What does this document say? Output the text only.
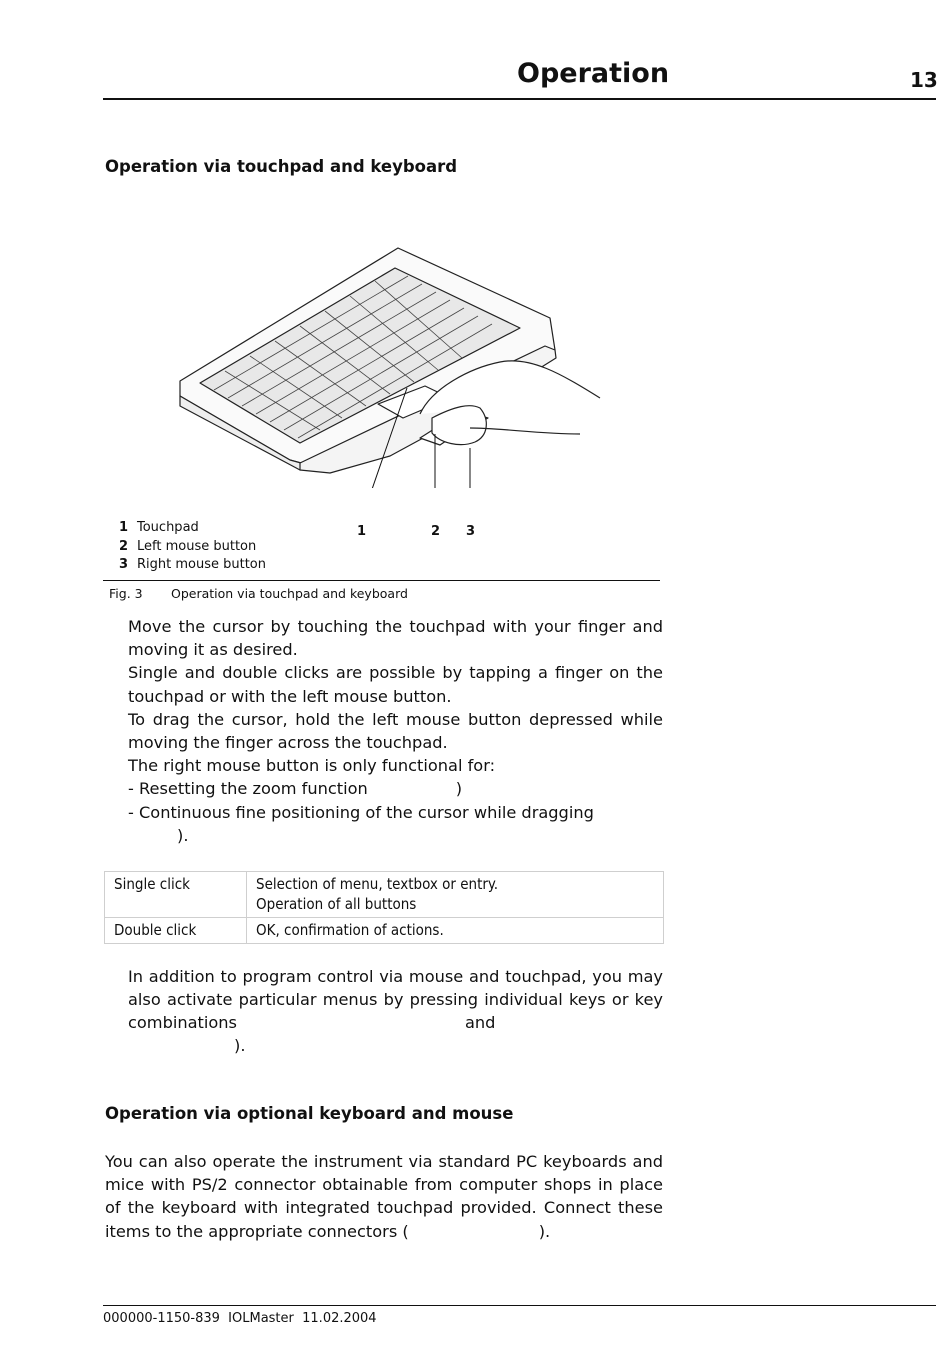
Operation	13
Operation via touchpad and keyboard
1	2 3
1 Touchpad
2 Left mouse button
3 Right mouse button
Fig. 3 Operation via touchpad and keyboard

Move the cursor by touching the touchpad with your finger and moving it as desired.

Single and double clicks are possible by tapping a finger on the touchpad or with the left mouse button.

To drag the cursor, hold the left mouse button depressed while moving the finger across the touchpad.

The right mouse button is only functional for:

- Resetting the zoom function	)
- Continuous fine positioning of the cursor while dragging
).
Single click	Selection of menu, textbox or entry.
Operation of all buttons

Double click	OK, confirmation of actions.
In addition to program control via mouse and touchpad, you may also activate particular menus by pressing individual keys or key combinations	and
).
Operation via optional keyboard and mouse
You can also operate the instrument via standard PC keyboards and mice with PS/2 connector obtainable from computer shops in place of the keyboard with integrated touchpad provided. Connect these items to the appropriate connectors (	).
000000-1150-839  IOLMaster  11.02.2004
